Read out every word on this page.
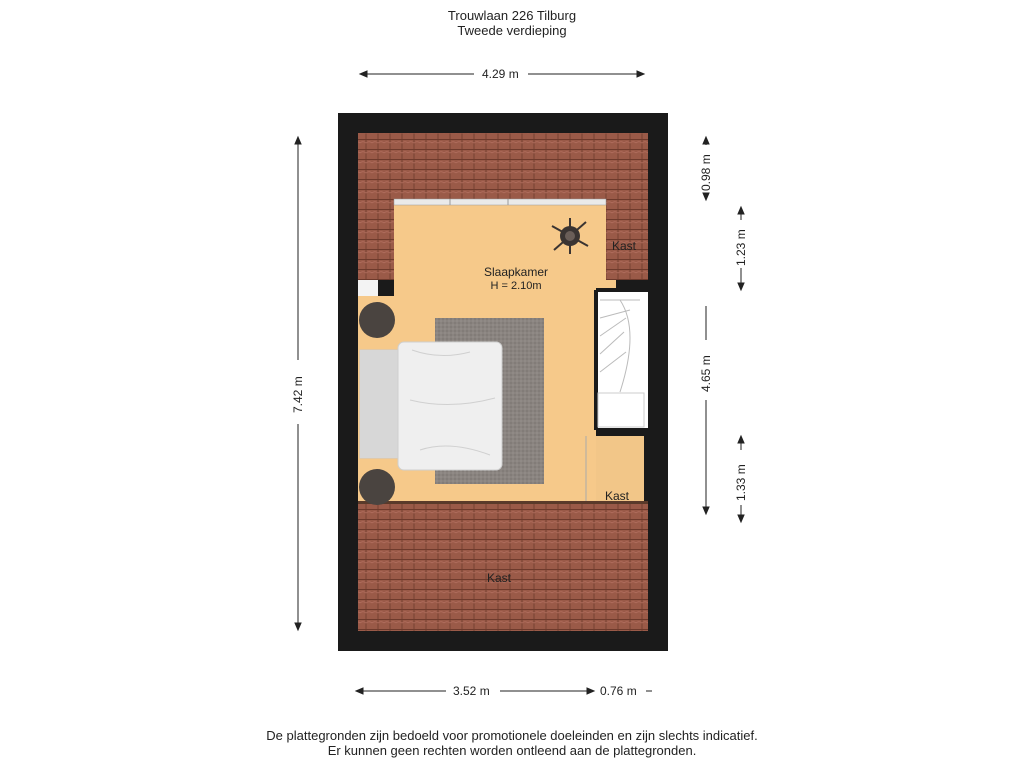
Trouwlaan 226 Tilburg
Tweede verdieping
4.29 m
7.42 m
3.52 m	0.76 m
0.98 m
1.23 m
4.65 m
1.33 m
Slaapkamer
H = 2.10m
Kast
Kast
Kast
De plattegronden zijn bedoeld voor promotionele doeleinden en zijn slechts indicatief.
Er kunnen geen rechten worden ontleend aan de plattegronden.
